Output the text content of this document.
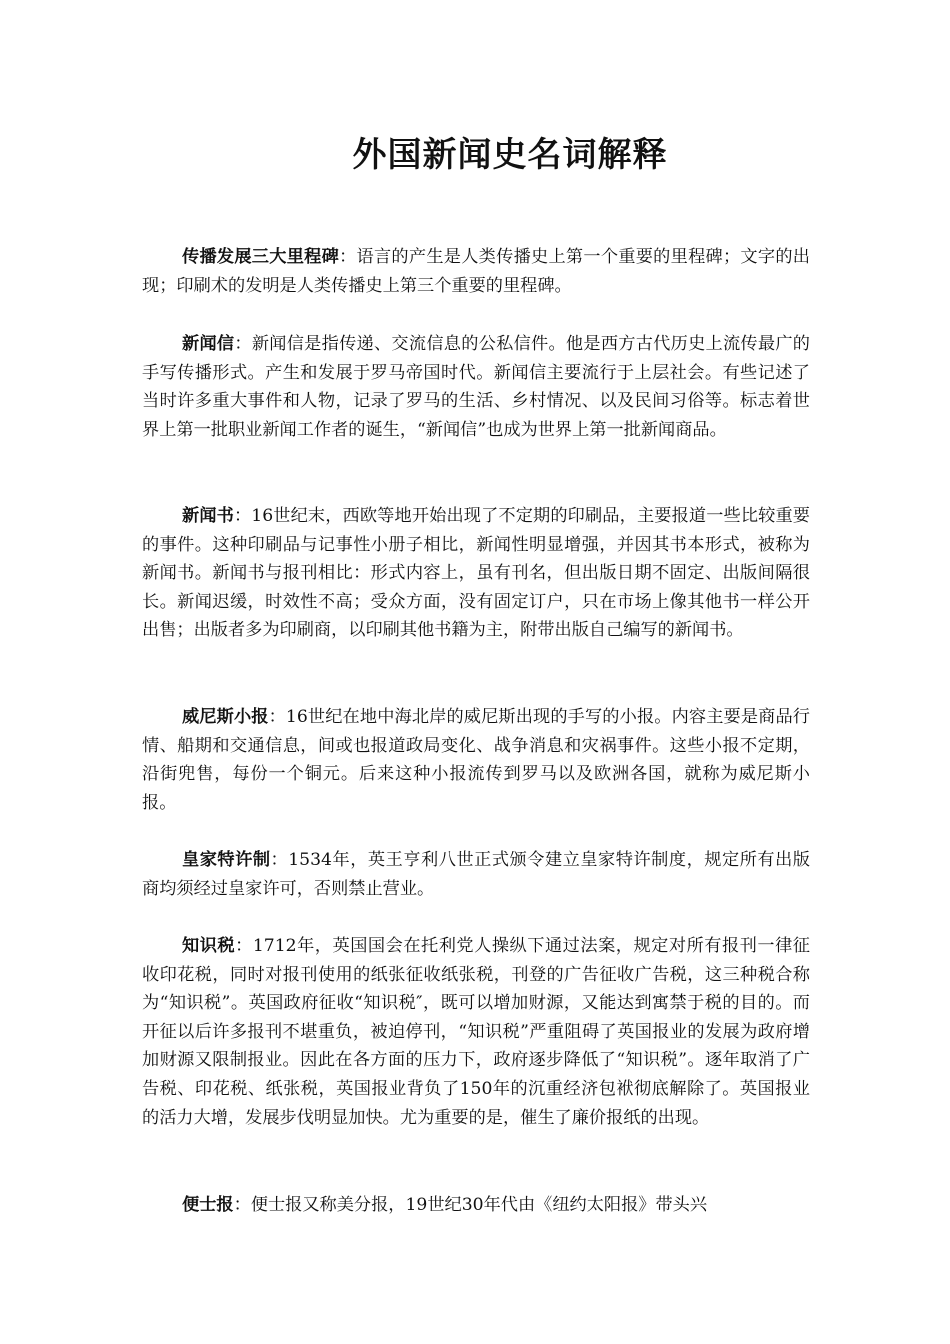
外国新闻史名词解释

传播发展三大里程碑：语言的产生是人类传播史上第一个重要的里程碑；文字的出现；印刷术的发明是人类传播史上第三个重要的里程碑。

新闻信：新闻信是指传递、交流信息的公私信件。他是西方古代历史上流传最广的手写传播形式。产生和发展于罗马帝国时代。新闻信主要流行于上层社会。有些记述了当时许多重大事件和人物，记录了罗马的生活、乡村情况、以及民间习俗等。标志着世界上第一批职业新闻工作者的诞生，“新闻信”也成为世界上第一批新闻商品。

新闻书：16世纪末，西欧等地开始出现了不定期的印刷品，主要报道一些比较重要的事件。这种印刷品与记事性小册子相比，新闻性明显增强，并因其书本形式，被称为新闻书。新闻书与报刊相比：形式内容上，虽有刊名，但出版日期不固定、出版间隔很长。新闻迟缓，时效性不高；受众方面，没有固定订户，只在市场上像其他书一样公开出售；出版者多为印刷商，以印刷其他书籍为主，附带出版自己编写的新闻书。

威尼斯小报：16世纪在地中海北岸的威尼斯出现的手写的小报。内容主要是商品行情、船期和交通信息，间或也报道政局变化、战争消息和灾祸事件。这些小报不定期，沿街兜售，每份一个铜元。后来这种小报流传到罗马以及欧洲各国，就称为威尼斯小报。

皇家特许制：1534年，英王亨利八世正式颁令建立皇家特许制度，规定所有出版商均须经过皇家许可，否则禁止营业。

知识税：1712年，英国国会在托利党人操纵下通过法案，规定对所有报刊一律征收印花税，同时对报刊使用的纸张征收纸张税，刊登的广告征收广告税，这三种税合称为“知识税”。英国政府征收“知识税″，既可以增加财源，又能达到寓禁于税的目的。而开征以后许多报刊不堪重负，被迫停刊，“知识税”严重阻碍了英国报业的发展为政府增加财源又限制报业。因此在各方面的压力下，政府逐步降低了“知识税”。逐年取消了广告税、印花税、纸张税，英国报业背负了150年的沉重经济包袱彻底解除了。英国报业的活力大增，发展步伐明显加快。尤为重要的是，催生了廉价报纸的出现。

便士报：便士报又称美分报，19世纪30年代由《纽约太阳报》带头兴
